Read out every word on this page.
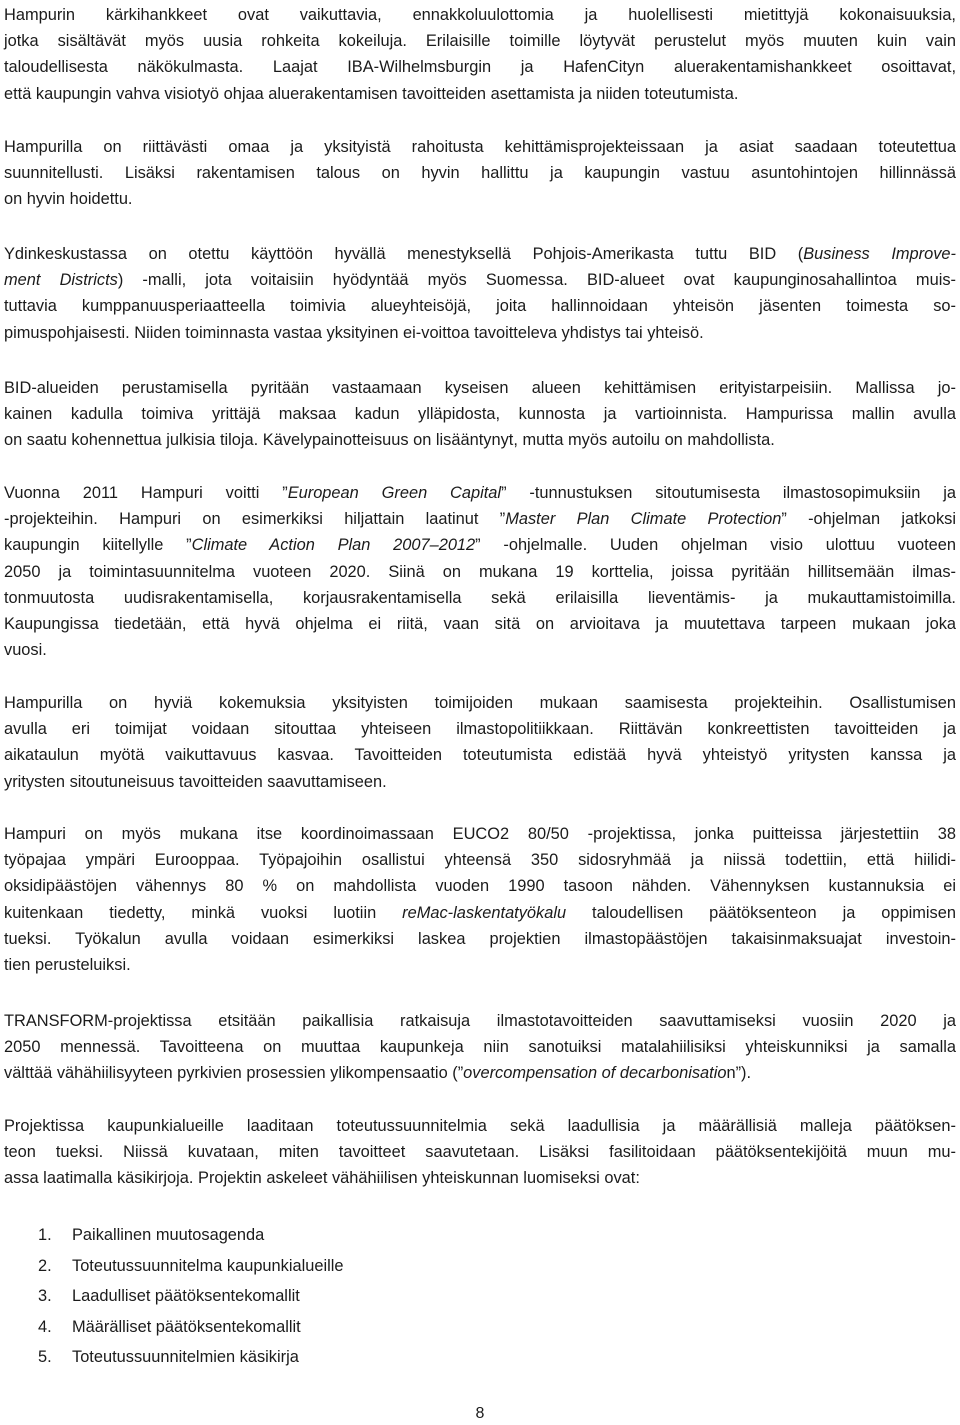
Hampurin kärkihankkeet ovat vaikuttavia, ennakkoluulottomia ja huolellisesti mietittyjä kokonaisuuksia,
jotka sisältävät myös uusia rohkeita kokeiluja. Erilaisille toimille löytyvät perustelut myös muuten kuin vain
taloudellisesta näkökulmasta. Laajat IBA-Wilhelmsburgin ja HafenCityn aluerakentamishankkeet osoittavat,
että kaupungin vahva visiotyö ohjaa aluerakentamisen tavoitteiden asettamista ja niiden toteutumista.
Hampurilla on riittävästi omaa ja yksityistä rahoitusta kehittämisprojekteissaan ja asiat saadaan toteutettua
suunnitellusti. Lisäksi rakentamisen talous on hyvin hallittu ja kaupungin vastuu asuntohintojen hillinnässä
on hyvin hoidettu.
Ydinkeskustassa on otettu käyttöön hyvällä menestyksellä Pohjois-Amerikasta tuttu BID (Business Improve-
ment Districts) -malli, jota voitaisiin hyödyntää myös Suomessa. BID-alueet ovat kaupunginosahallintoa muis-
tuttavia kumppanuusperiaatteella toimivia alueyhteisöjä, joita hallinnoidaan yhteisön jäsenten toimesta so-
pimuspohjaisesti. Niiden toiminnasta vastaa yksityinen ei-voittoa tavoitteleva yhdistys tai yhteisö.
BID-alueiden perustamisella pyritään vastaamaan kyseisen alueen kehittämisen erityistarpeisiin. Mallissa jo-
kainen kadulla toimiva yrittäjä maksaa kadun ylläpidosta, kunnosta ja vartioinnista. Hampurissa mallin avulla
on saatu kohennettua julkisia tiloja. Kävelypainotteisuus on lisääntynyt, mutta myös autoilu on mahdollista.
Vuonna 2011 Hampuri voitti ”European Green Capital” -tunnustuksen sitoutumisesta ilmastosopimuksiin ja
-projekteihin. Hampuri on esimerkiksi hiljattain laatinut ”Master Plan Climate Protection” -ohjelman jatkoksi
kaupungin kiitellylle ”Climate Action Plan 2007–2012” -ohjelmalle. Uuden ohjelman visio ulottuu vuoteen
2050 ja toimintasuunnitelma vuoteen 2020. Siinä on mukana 19 korttelia, joissa pyritään hillitsemään ilmas-
tonmuutosta uudisrakentamisella, korjausrakentamisella sekä erilaisilla lieventämis- ja mukauttamistoimilla.
Kaupungissa tiedetään, että hyvä ohjelma ei riitä, vaan sitä on arvioitava ja muutettava tarpeen mukaan joka
vuosi.
Hampurilla on hyviä kokemuksia yksityisten toimijoiden mukaan saamisesta projekteihin. Osallistumisen
avulla eri toimijat voidaan sitouttaa yhteiseen ilmastopolitiikkaan. Riittävän konkreettisten tavoitteiden ja
aikataulun myötä vaikuttavuus kasvaa. Tavoitteiden toteutumista edistää hyvä yhteistyö yritysten kanssa ja
yritysten sitoutuneisuus tavoitteiden saavuttamiseen.
Hampuri on myös mukana itse koordinoimassaan EUCO2 80/50 -projektissa, jonka puitteissa järjestettiin 38
työpajaa ympäri Eurooppaa. Työpajoihin osallistui yhteensä 350 sidosryhmää ja niissä todettiin, että hiilidi-
oksidipäästöjen vähennys 80 % on mahdollista vuoden 1990 tasoon nähden. Vähennyksen kustannuksia ei
kuitenkaan tiedetty, minkä vuoksi luotiin reMac-laskentatyökalu taloudellisen päätöksenteon ja oppimisen
tueksi. Työkalun avulla voidaan esimerkiksi laskea projektien ilmastopäästöjen takaisinmaksuajat investoin-
tien perusteluiksi.
TRANSFORM-projektissa etsitään paikallisia ratkaisuja ilmastotavoitteiden saavuttamiseksi vuosiin 2020 ja
2050 mennessä. Tavoitteena on muuttaa kaupunkeja niin sanotuiksi matalahiilisiksi yhteiskunniksi ja samalla
välttää vähähiilisyyteen pyrkivien prosessien ylikompensaatio (”overcompensation of decarbonisation”).
Projektissa kaupunkialueille laaditaan toteutussuunnitelmia sekä laadullisia ja määrällisiä malleja päätöksen-
teon tueksi. Niissä kuvataan, miten tavoitteet saavutetaan. Lisäksi fasilitoidaan päätöksentekijöitä muun mu-
assa laatimalla käsikirjoja. Projektin askeleet vähähiilisen yhteiskunnan luomiseksi ovat:
1. Paikallinen muutosagenda
2. Toteutussuunnitelma kaupunkialueille
3. Laadulliset päätöksentekomallit
4. Määrälliset päätöksentekomallit
5. Toteutussuunnitelmien käsikirja
8
